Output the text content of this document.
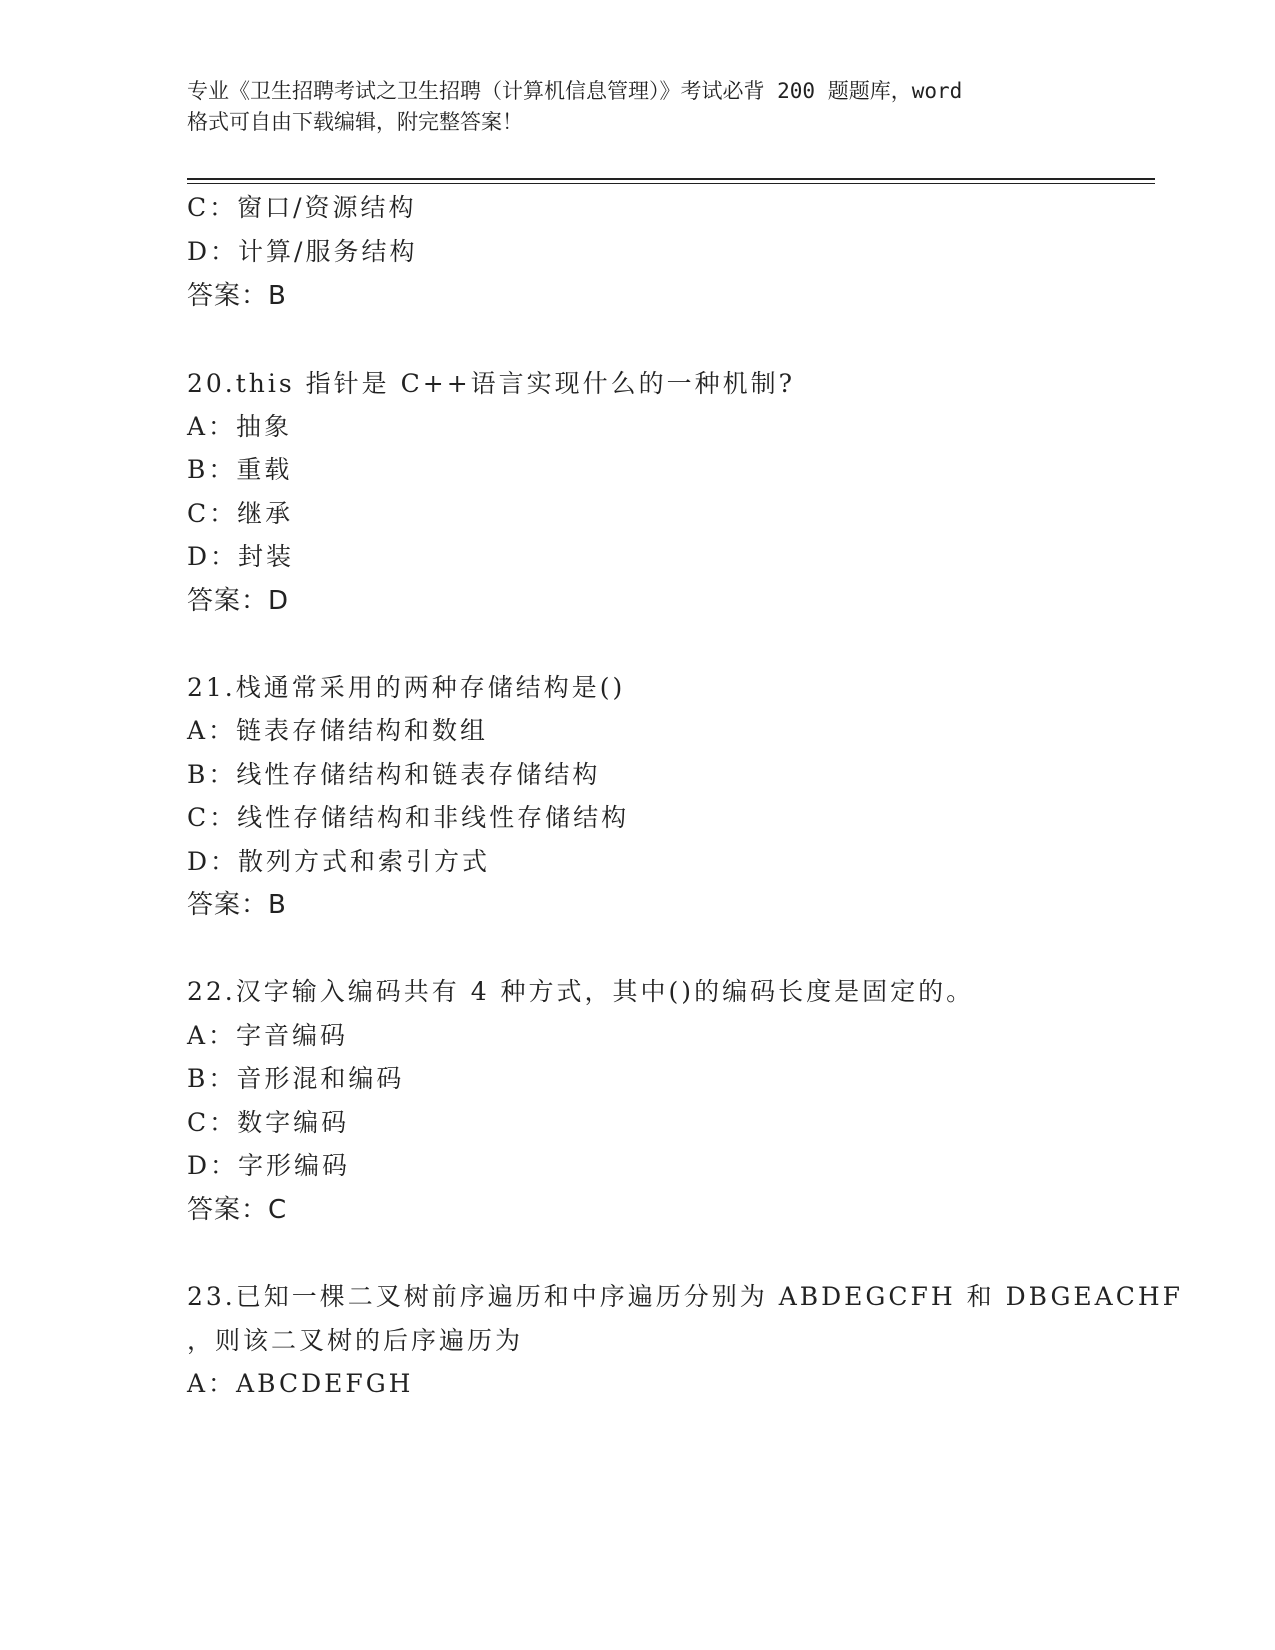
专业《卫生招聘考试之卫生招聘（计算机信息管理）》考试必背 200 题题库，word
格式可自由下载编辑，附完整答案！
C：窗口/资源结构
D：计算/服务结构
答案：B
20.this 指针是 C++语言实现什么的一种机制?
A：抽象
B：重载
C：继承
D：封装
答案：D
21.栈通常采用的两种存储结构是()
A：链表存储结构和数组
B：线性存储结构和链表存储结构
C：线性存储结构和非线性存储结构
D：散列方式和索引方式
答案：B
22.汉字输入编码共有 4 种方式，其中()的编码长度是固定的。
A：字音编码
B：音形混和编码
C：数字编码
D：字形编码
答案：C
23.已知一棵二叉树前序遍历和中序遍历分别为 ABDEGCFH 和 DBGEACHF
，则该二叉树的后序遍历为
A：ABCDEFGH
